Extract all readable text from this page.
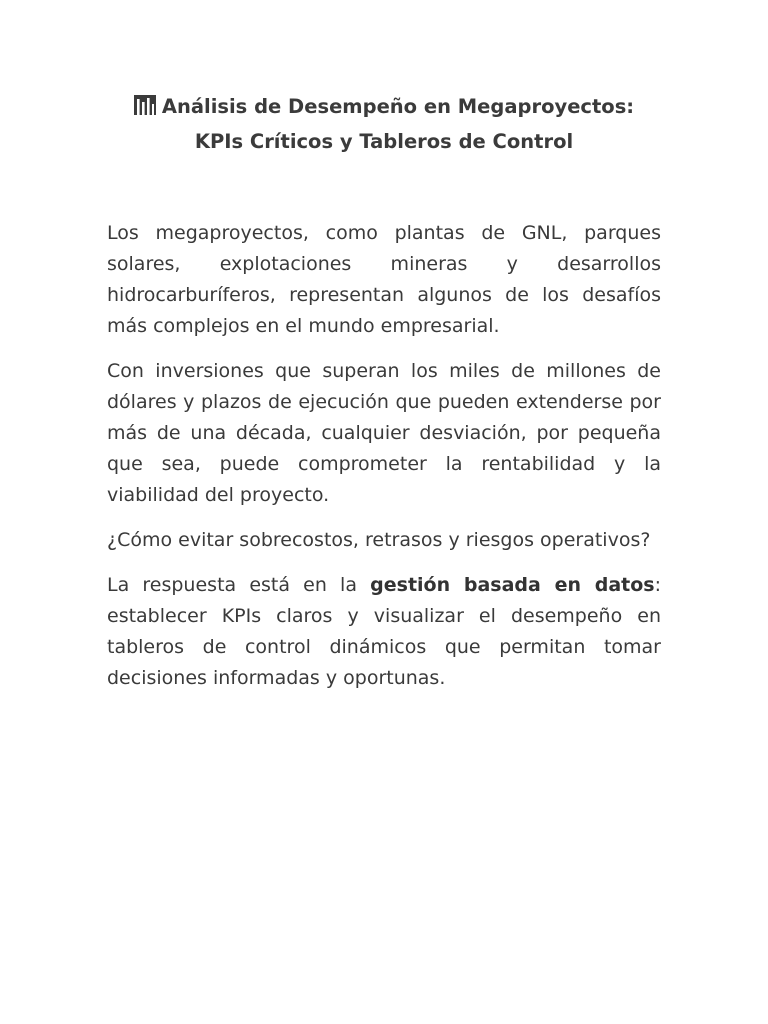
Análisis de Desempeño en Megaproyectos: KPIs Críticos y Tableros de Control

Los megaproyectos, como plantas de GNL, parques solares, explotaciones mineras y desarrollos hidrocarburíferos, representan algunos de los desafíos más complejos en el mundo empresarial.

Con inversiones que superan los miles de millones de dólares y plazos de ejecución que pueden extenderse por más de una década, cualquier desviación, por pequeña que sea, puede comprometer la rentabilidad y la viabilidad del proyecto.

¿Cómo evitar sobrecostos, retrasos y riesgos operativos?

La respuesta está en la gestión basada en datos: establecer KPIs claros y visualizar el desempeño en tableros de control dinámicos que permitan tomar decisiones informadas y oportunas.
